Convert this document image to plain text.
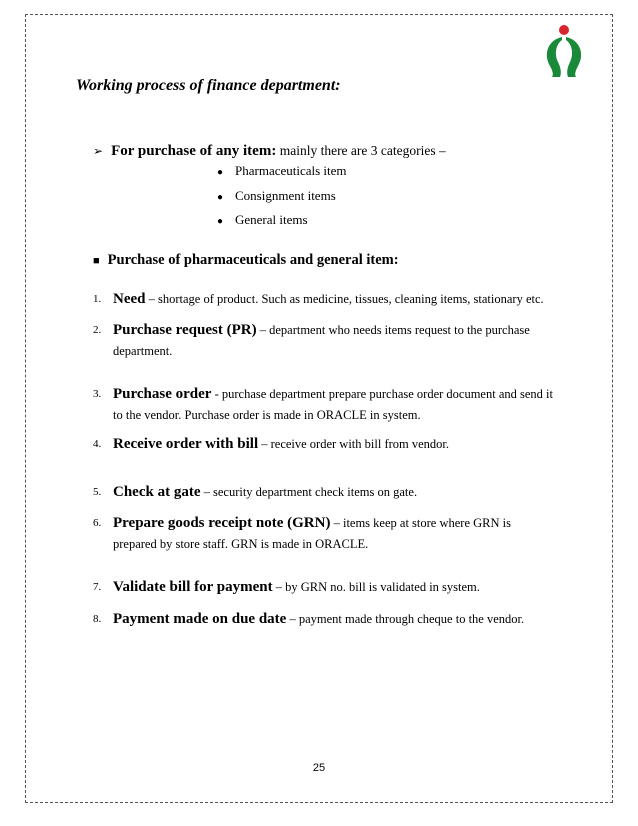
Working process of finance department:
➢ For purchase of any item: mainly there are 3 categories –
● Pharmaceuticals item
● Consignment items
● General items
■ Purchase of pharmaceuticals and general item:
1. Need – shortage of product. Such as medicine, tissues, cleaning items, stationary etc.
2. Purchase request (PR) – department who needs items request to the purchase department.
3. Purchase order - purchase department prepare purchase order document and send it to the vendor. Purchase order is made in ORACLE in system.
4. Receive order with bill – receive order with bill from vendor.
5. Check at gate – security department check items on gate.
6. Prepare goods receipt note (GRN) – items keep at store where GRN is prepared by store staff. GRN is made in ORACLE.
7. Validate bill for payment – by GRN no. bill is validated in system.
8. Payment made on due date – payment made through cheque to the vendor.
25
